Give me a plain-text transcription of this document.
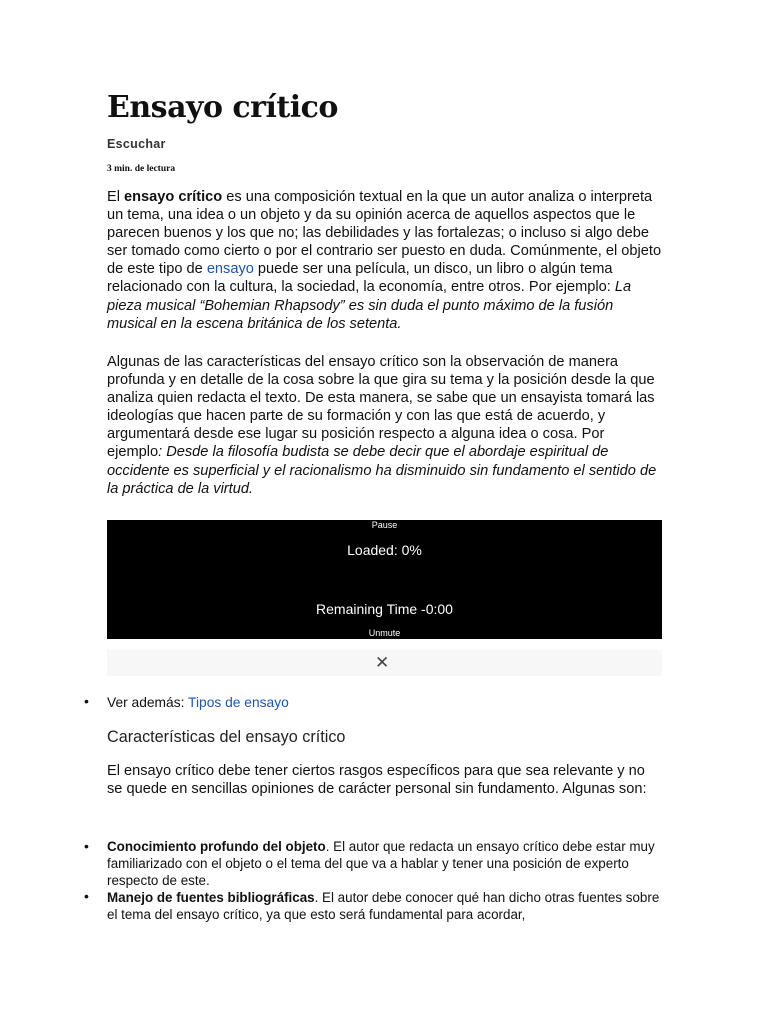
Ensayo crítico
Escuchar
3 min. de lectura

El ensayo crítico es una composición textual en la que un autor analiza o interpreta un tema, una idea o un objeto y da su opinión acerca de aquellos aspectos que le parecen buenos y los que no; las debilidades y las fortalezas; o incluso si algo debe ser tomado como cierto o por el contrario ser puesto en duda. Comúnmente, el objeto de este tipo de ensayo puede ser una película, un disco, un libro o algún tema relacionado con la cultura, la sociedad, la economía, entre otros. Por ejemplo: La pieza musical “Bohemian Rhapsody” es sin duda el punto máximo de la fusión musical en la escena británica de los setenta.

Algunas de las características del ensayo crítico son la observación de manera profunda y en detalle de la cosa sobre la que gira su tema y la posición desde la que analiza quien redacta el texto. De esta manera, se sabe que un ensayista tomará las ideologías que hacen parte de su formación y con las que está de acuerdo, y argumentará desde ese lugar su posición respecto a alguna idea o cosa. Por ejemplo: Desde la filosofía budista se debe decir que el abordaje espiritual de occidente es superficial y el racionalismo ha disminuido sin fundamento el sentido de la práctica de la virtud.

Pause
Loaded: 0%
Remaining Time -0:00
Unmute
✕
• Ver además: Tipos de ensayo

Características del ensayo crítico

El ensayo crítico debe tener ciertos rasgos específicos para que sea relevante y no se quede en sencillas opiniones de carácter personal sin fundamento. Algunas son:

• Conocimiento profundo del objeto. El autor que redacta un ensayo crítico debe estar muy familiarizado con el objeto o el tema del que va a hablar y tener una posición de experto respecto de este.

• Manejo de fuentes bibliográficas. El autor debe conocer qué han dicho otras fuentes sobre el tema del ensayo crítico, ya que esto será fundamental para acordar,
